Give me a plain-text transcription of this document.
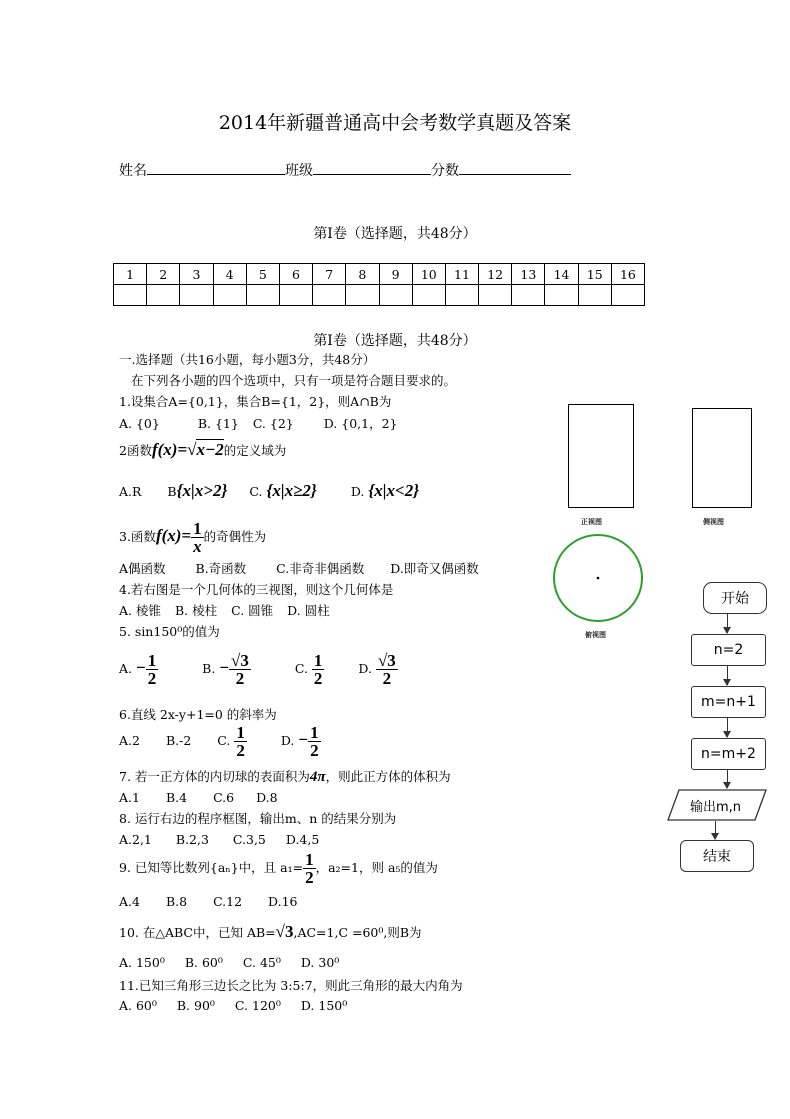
2014年新疆普通高中会考数学真题及答案
姓名	班级	分数
第Ⅰ卷（选择题，共48分）
1	2	3	4	5	6	7	8	9	10	11	12	13	14	15	16

第Ⅰ卷（选择题，共48分）
一.选择题（共16小题，每小题3分，共48分）
在下列各小题的四个选项中，只有一项是符合题目要求的。
1.设集合A={0,1}，集合B={1，2}，则A∩B为
A. {0}	B. {1} C. {2} D. {0,1，2}
2函数f(x)=√x−2的定义域为
A.R B{x|x>2} C. {x|x≥2}	D. {x|x<2}
3.函数$f(x)= \frac{1}{x}$ 的奇偶性为
A偶函数 B.奇函数 C.非奇非偶函数 D.即奇又偶函数
4.若右图是一个几何体的三视图，则这个几何体是
A. 棱锥 B. 棱柱 C. 圆锥 D. 圆柱
5. sin150⁰的值为
A. − $\frac{1}{2}$	B. − $\frac{√3}{2}$	C. $\frac{1}{2}$	D. $\frac{√3}{2}$
6.直线 2x-y+1=0 的斜率为
A.2 B.-2 C. $\frac{1}{2}$	D. − $\frac{1}{2}$
7. 若一正方体的内切球的表面积为4π，则此正方体的体积为
A.1 B.4 C.6 D.8
8. 运行右边的程序框图，输出m、n 的结果分别为
A.2,1 B.2,3 C.3,5 D.4,5
9. 已知等比数列{aₙ}中，且 $a_1= \frac{1}{2}$ ，a₂=1，则 a₅的值为
A.4 B.8 C.12 D.16
10. 在△ABC中，已知 AB=√3,AC=1,C =60⁰,则B为
A. 150⁰ B. 60⁰ C. 45⁰ D. 30⁰
11.已知三角形三边长之比为 3:5:7，则此三角形的最大内角为
A. 60⁰ B. 90⁰ C. 120⁰ D. 150⁰
正视图	侧视图
俯视图
开始
n=2
m=n+1
n=m+2
输出m,n
结束
